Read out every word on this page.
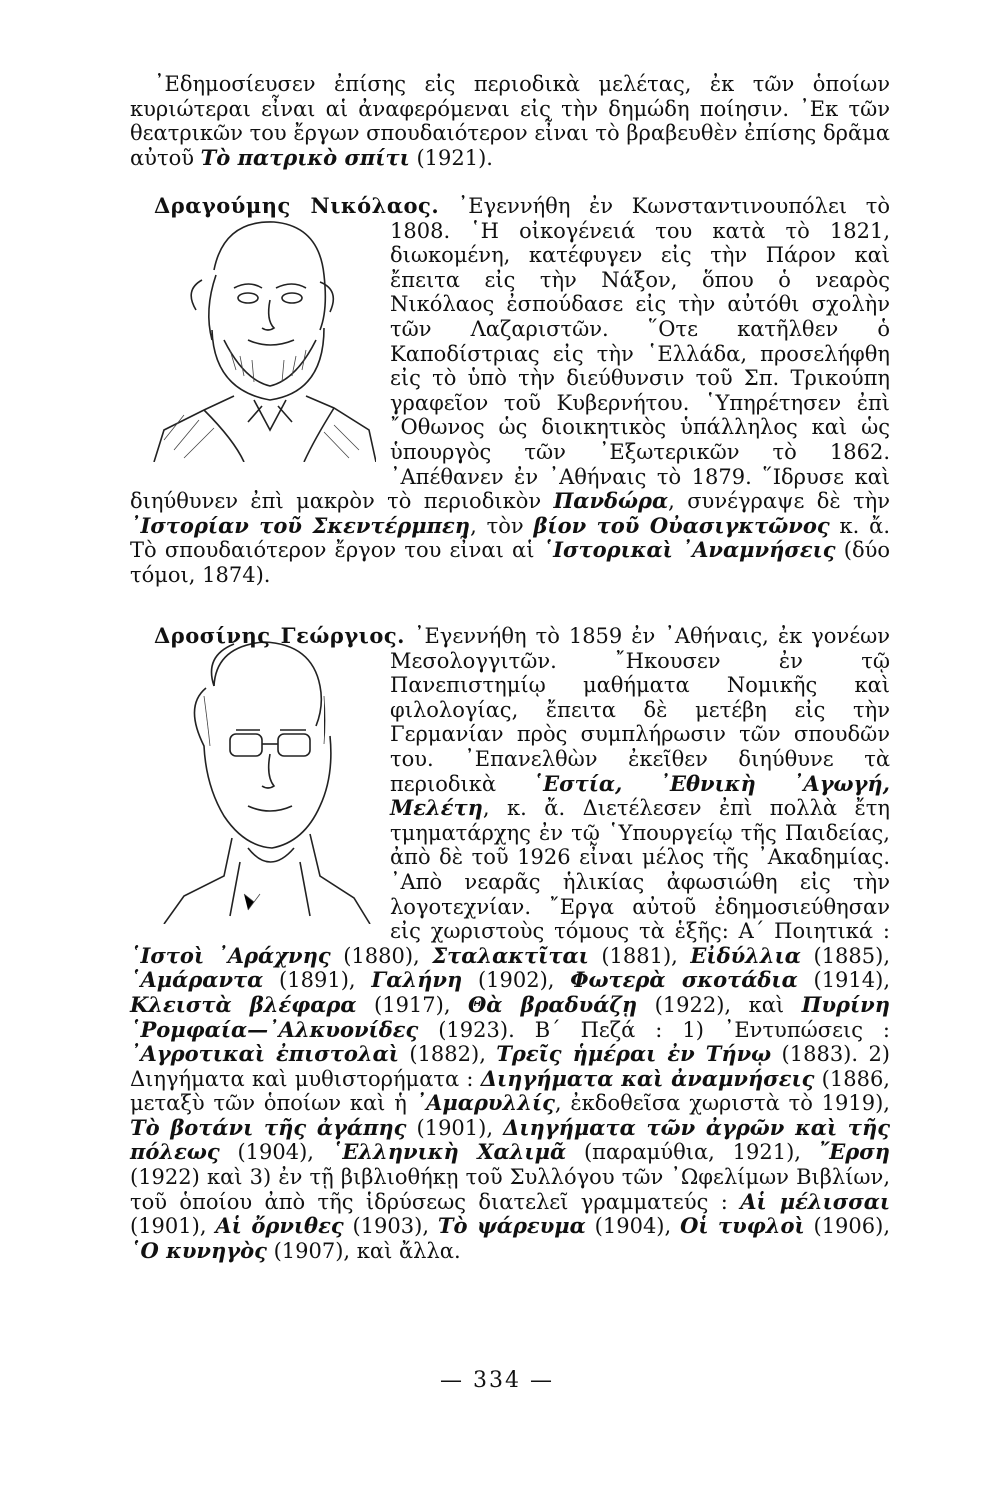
᾽Εδημοσίευσεν ἐπίσης εἰς περιοδικὰ μελέτας, ἐκ τῶν ὁποίων κυριώτεραι εἶναι αἱ ἀναφερόμεναι εἰς τὴν δημώδη ποίησιν. ᾽Εκ τῶν θεατρικῶν του ἔργων σπουδαιότερον εἶναι τὸ βραβευθὲν ἐπίσης δρᾶμα αὐτοῦ Τὸ πατρικὸ σπίτι (1921).

Δραγούμης Νικόλαος.
᾽Εγεννήθη ἐν Κωνσταντινουπόλει τὸ 1808. ῾Η οἰκογένειά του κατὰ τὸ 1821, διωκομένη, κατέφυγεν εἰς τὴν Πάρον καὶ ἔπειτα εἰς τὴν Νάξον, ὅπου ὁ νεαρὸς Νικόλαος ἐσπούδασε εἰς τὴν αὐτόθι σχολὴν τῶν Λαζαριστῶν. ῞Οτε κατῆλθεν ὁ Καποδίστριας εἰς τὴν ῾Ελλάδα, προσελήφθη εἰς τὸ ὑπὸ τὴν διεύθυνσιν τοῦ Σπ. Τρικούπη γραφεῖον τοῦ Κυβερνήτου. ῾Υπηρέτησεν ἐπὶ ῎Οθωνος ὡς διοικητικὸς ὑπάλληλος καὶ ὡς ὑπουργὸς τῶν ᾽Εξωτερικῶν τὸ 1862. ᾽Απέθανεν ἐν ᾽Αθήναις τὸ 1879. ῞Ιδρυσε καὶ διηύθυνεν ἐπὶ μακρὸν τὸ περιοδικὸν Πανδώρα, συνέγραψε δὲ τὴν ᾽Ιστορίαν τοῦ Σκεντέρμπεη, τὸν βίον τοῦ Οὐασιγκτῶνος κ. ἄ. Τὸ σπουδαιότερον ἔργον του εἶναι αἱ ῾Ιστορικαὶ ᾽Αναμνήσεις (δύο τόμοι, 1874).

Δροσίνης Γεώργιος.
᾽Εγεννήθη τὸ 1859 ἐν ᾽Αθήναις, ἐκ γονέων Μεσολογγιτῶν. ῎Ηκουσεν ἐν τῷ Πανεπιστημίῳ μαθήματα Νομικῆς καὶ φιλολογίας, ἔπειτα δὲ μετέβη εἰς τὴν Γερμανίαν πρὸς συμπλήρωσιν τῶν σπουδῶν του. ᾽Επανελθὼν ἐκεῖθεν διηύθυνε τὰ περιοδικὰ ῾Εστία, ᾽Εθνικὴ ᾽Αγωγή, Μελέτη, κ. ἄ. Διετέλεσεν ἐπὶ πολλὰ ἔτη τμηματάρχης ἐν τῷ ῾Υπουργείῳ τῆς Παιδείας, ἀπὸ δὲ τοῦ 1926 εἶναι μέλος τῆς ᾽Ακαδημίας. ᾽Απὸ νεαρᾶς ἡλικίας ἀφωσιώθη εἰς τὴν λογοτεχνίαν. ῎Εργα αὐτοῦ ἐδημοσιεύθησαν εἰς χωριστοὺς τόμους τὰ ἑξῆς: Α´ Ποιητικά : ῾Ιστοὶ ᾽Αράχνης (1880), Σταλακτῖται (1881), Εἰδύλλια (1885), ῾Αμάραντα (1891), Γαλήνη (1902), Φωτερὰ σκοτάδια (1914), Κλειστὰ βλέφαρα (1917), Θὰ βραδυάζῃ (1922), καὶ Πυρίνη ῾Ρομφαία—᾽Αλκυονίδες (1923). Β´ Πεζά : 1) ᾽Εντυπώσεις : ᾽Αγροτικαὶ ἐπιστολαὶ (1882), Τρεῖς ἡμέραι ἐν Τήνῳ (1883). 2) Διηγήματα καὶ μυθιστορήματα : Διηγήματα καὶ ἀναμνήσεις (1886, μεταξὺ τῶν ὁποίων καὶ ἡ ᾽Αμαρυλλίς, ἐκδοθεῖσα χωριστὰ τὸ 1919), Τὸ βοτάνι τῆς ἀγάπης (1901), Διηγήματα τῶν ἀγρῶν καὶ τῆς πόλεως (1904), ῾Ελληνικὴ Χαλιμᾶ (παραμύθια, 1921), ῎Ερση (1922) καὶ 3) ἐν τῇ βιβλιοθήκῃ τοῦ Συλλόγου τῶν ᾽Ωφελίμων Βιβλίων, τοῦ ὁποίου ἀπὸ τῆς ἱδρύσεως διατελεῖ γραμματεύς : Αἱ μέλισσαι (1901), Αἱ ὄρνιθες (1903), Τὸ ψάρευμα (1904), Οἱ τυφλοὶ (1906), ῾Ο κυνηγὸς (1907), καὶ ἄλλα.

— 334 —
